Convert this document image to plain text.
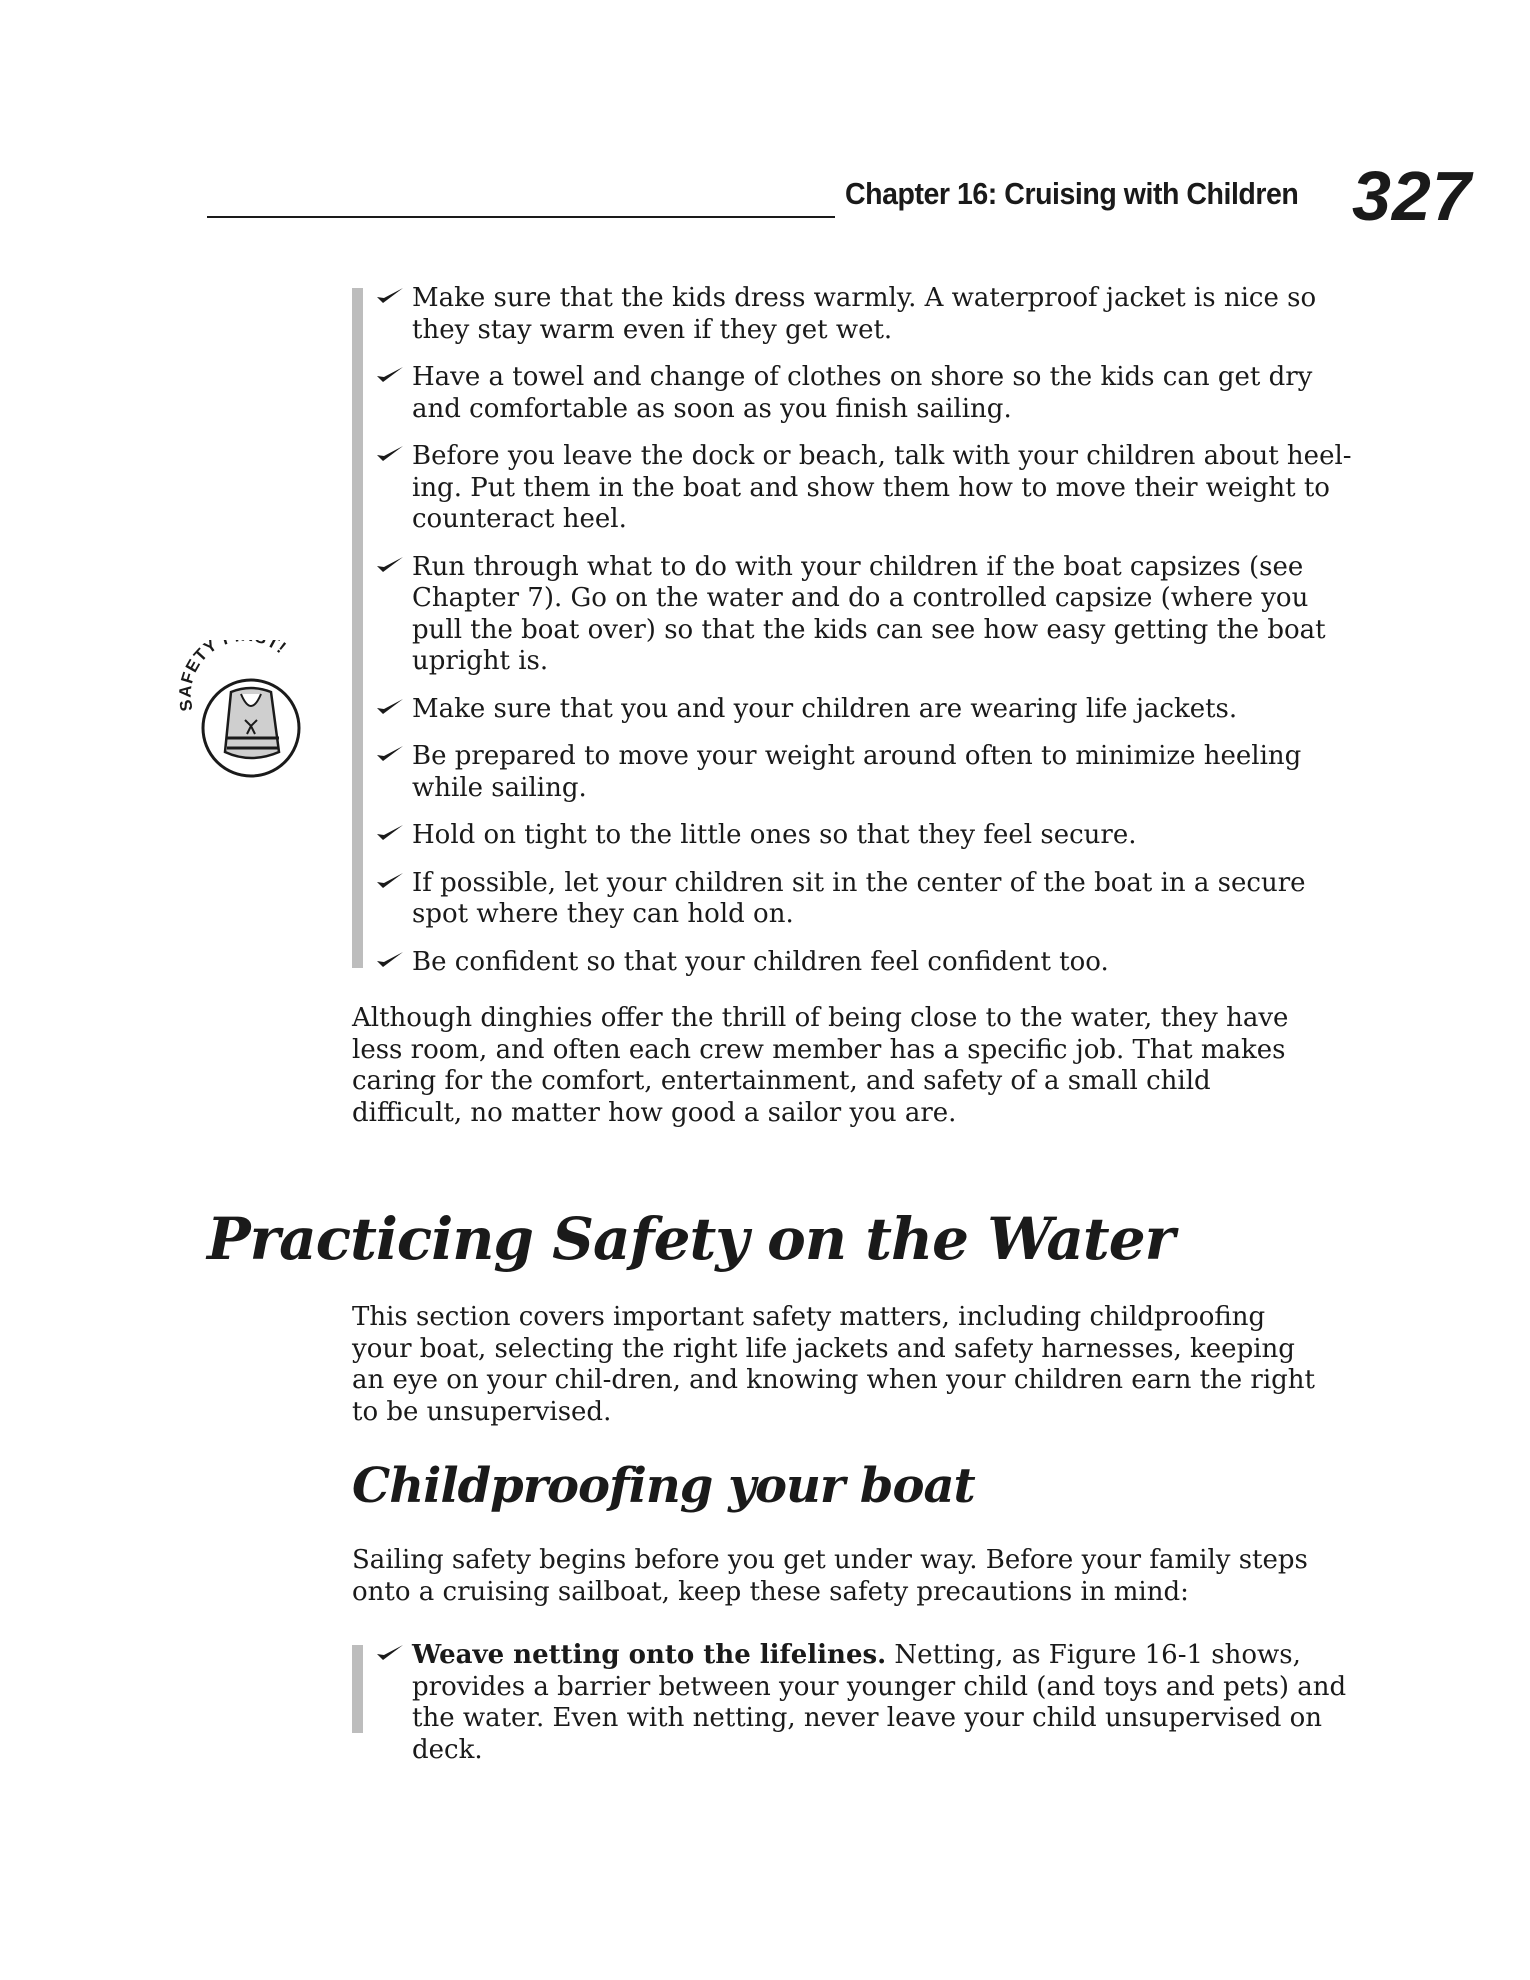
Chapter 16: Cruising with Children 327
SAFETY T!
Make sure that the kids dress warmly. A waterproof jacket is nice so they stay warm even if they get wet.
Have a towel and change of clothes on shore so the kids can get dry and comfortable as soon as you finish sailing.
Before you leave the dock or beach, talk with your children about heel-ing. Put them in the boat and show them how to move their weight to counteract heel.
Run through what to do with your children if the boat capsizes (see Chapter 7). Go on the water and do a controlled capsize (where you pull the boat over) so that the kids can see how easy getting the boat upright is.
Make sure that you and your children are wearing life jackets.
Be prepared to move your weight around often to minimize heeling while sailing.
Hold on tight to the little ones so that they feel secure.
If possible, let your children sit in the center of the boat in a secure spot where they can hold on.
Be confident so that your children feel confident too.

Although dinghies offer the thrill of being close to the water, they have less room, and often each crew member has a specific job. That makes caring for the comfort, entertainment, and safety of a small child difficult, no matter how good a sailor you are.

Practicing Safety on the Water

This section covers important safety matters, including childproofing your boat, selecting the right life jackets and safety harnesses, keeping an eye on your chil-dren, and knowing when your children earn the right to be unsupervised.

Childproofing your boat

Sailing safety begins before you get under way. Before your family steps onto a cruising sailboat, keep these safety precautions in mind:

Weave netting onto the lifelines. Netting, as Figure 16-1 shows, provides a barrier between your younger child (and toys and pets) and the water. Even with netting, never leave your child unsupervised on deck.
